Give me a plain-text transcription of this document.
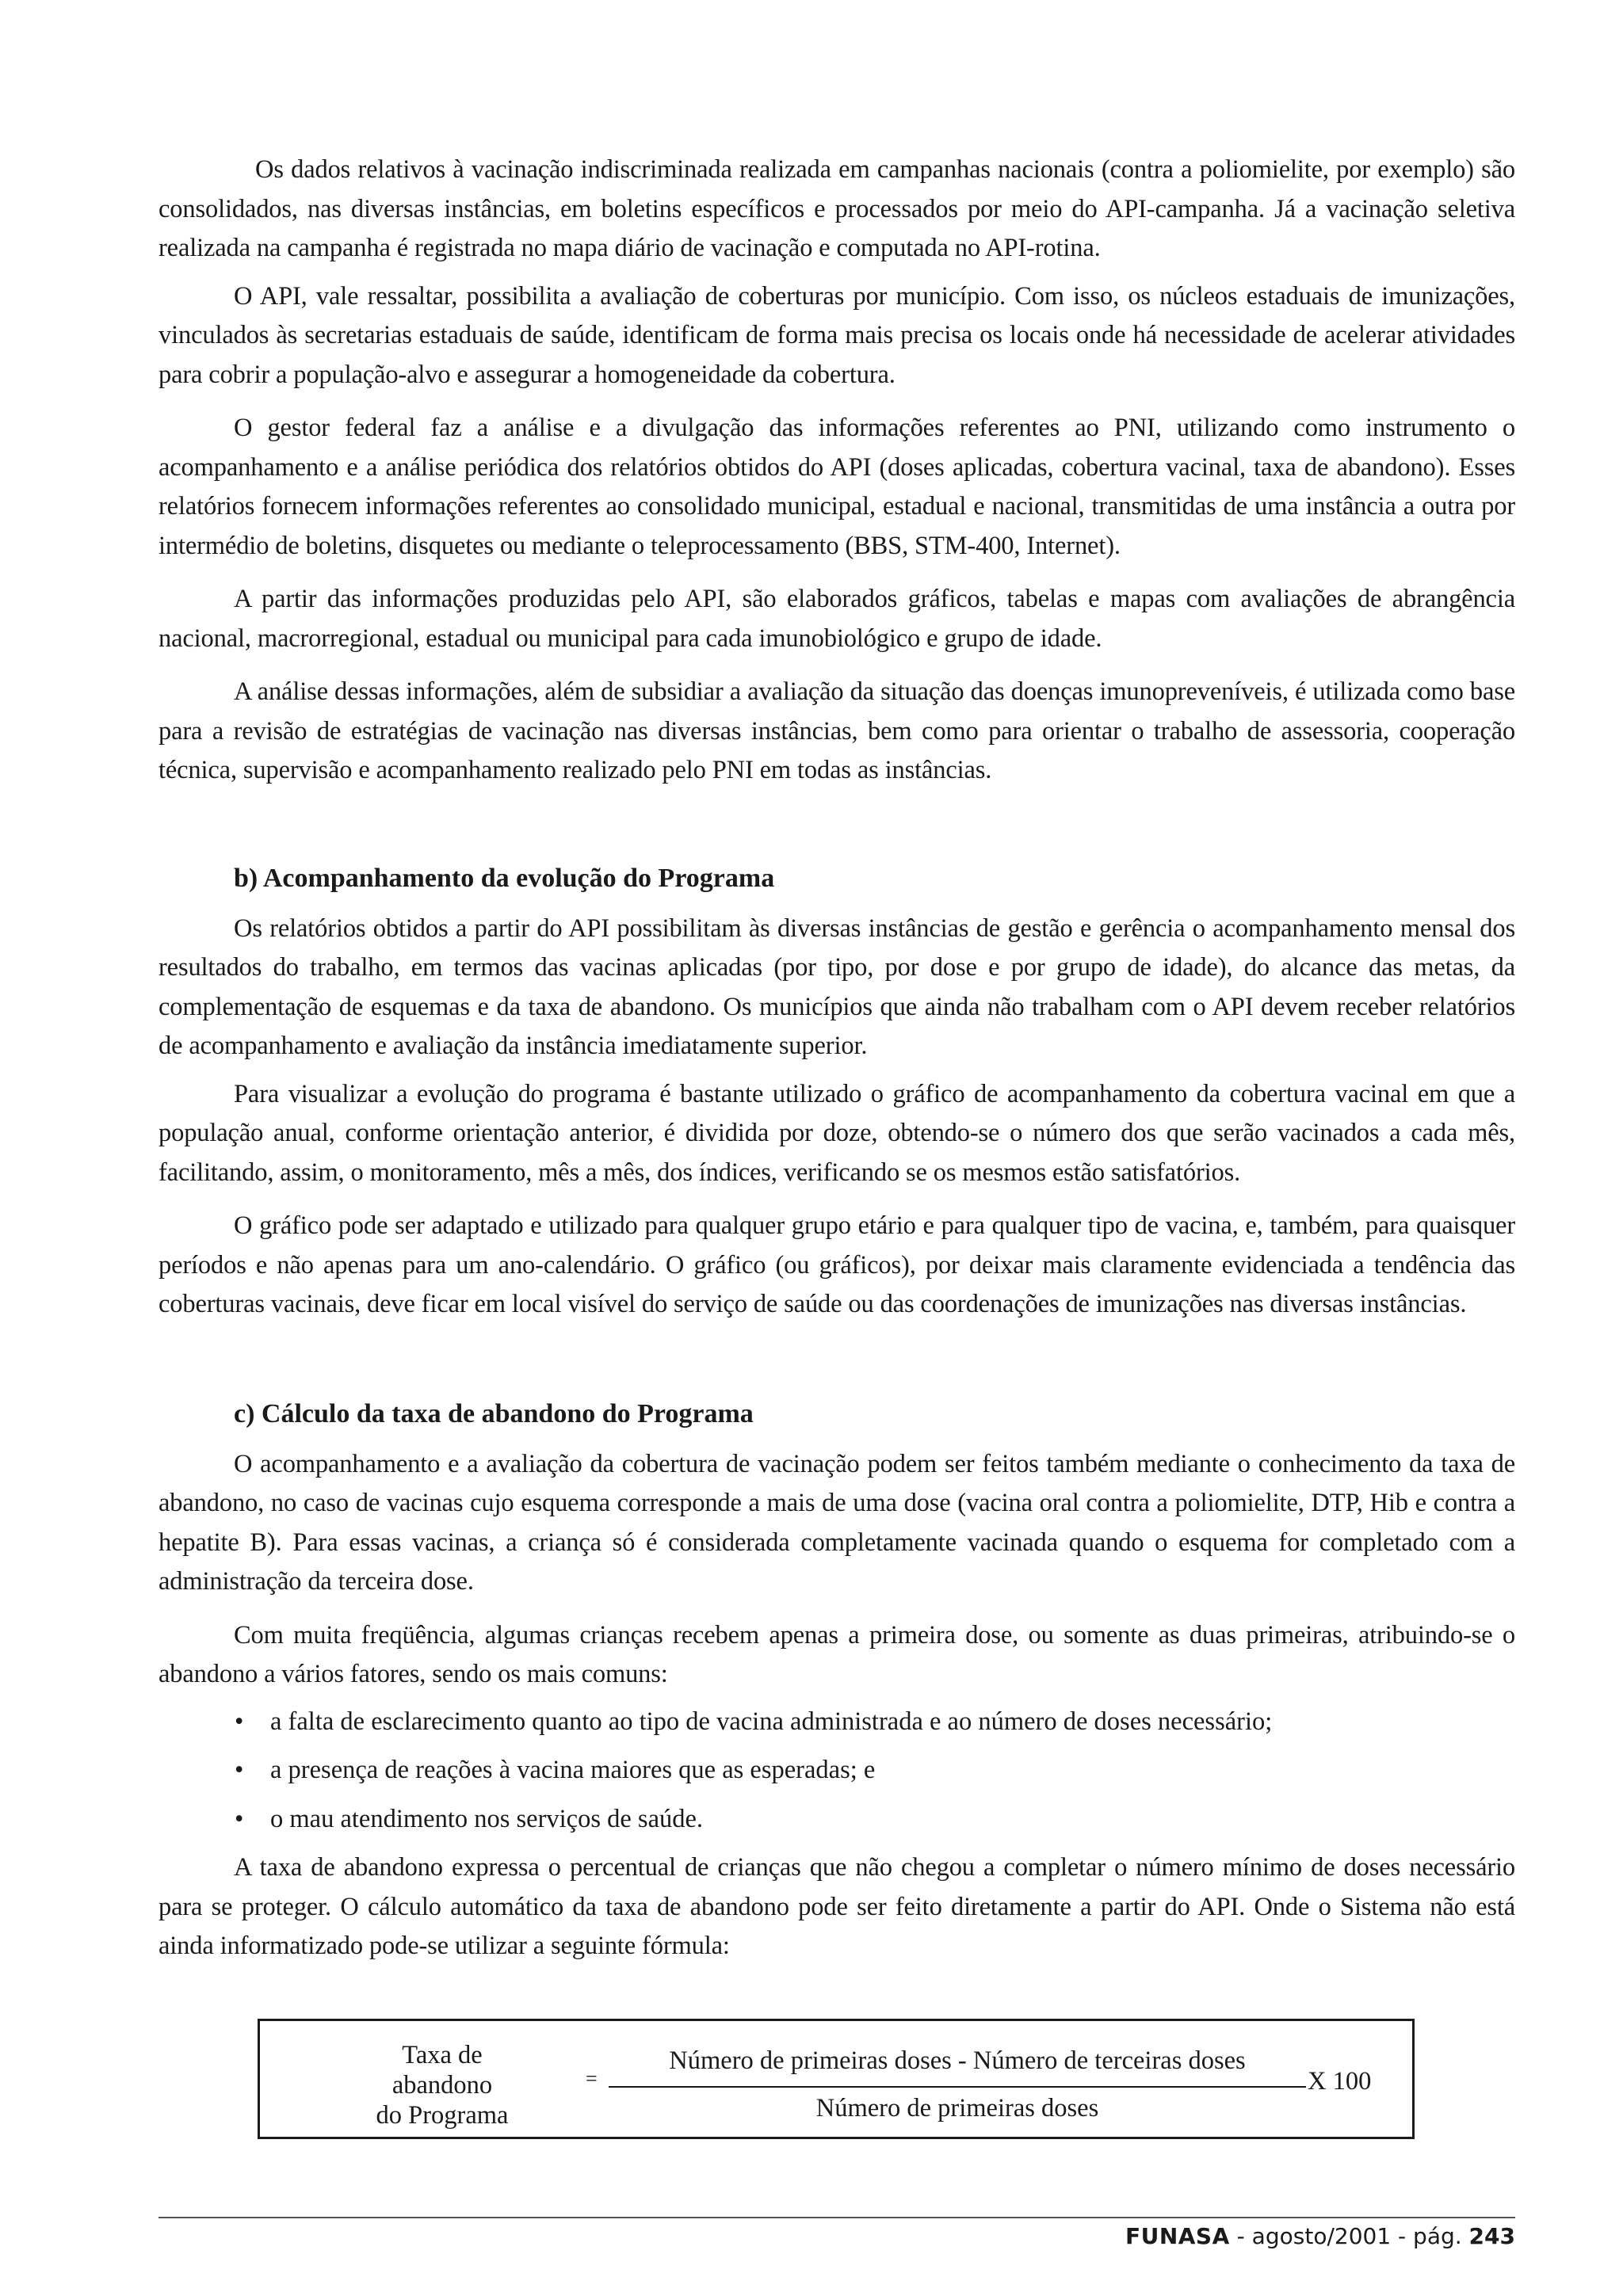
Os dados relativos à vacinação indiscriminada realizada em campanhas nacionais (contra a poliomielite, por exemplo) são consolidados, nas diversas instâncias, em boletins específicos e processados por meio do API-campanha. Já a vacinação seletiva realizada na campanha é registrada no mapa diário de vacinação e computada no API-rotina.

O API, vale ressaltar, possibilita a avaliação de coberturas por município. Com isso, os núcleos estaduais de imunizações, vinculados às secretarias estaduais de saúde, identificam de forma mais precisa os locais onde há necessidade de acelerar atividades para cobrir a população-alvo e assegurar a homogeneidade da cobertura.

O gestor federal faz a análise e a divulgação das informações referentes ao PNI, utilizando como instrumento o acompanhamento e a análise periódica dos relatórios obtidos do API (doses aplicadas, cobertura vacinal, taxa de abandono). Esses relatórios fornecem informações referentes ao consolidado municipal, estadual e nacional, transmitidas de uma instância a outra por intermédio de boletins, disquetes ou mediante o teleprocessamento (BBS, STM-400, Internet).

A partir das informações produzidas pelo API, são elaborados gráficos, tabelas e mapas com avaliações de abrangência nacional, macrorregional, estadual ou municipal para cada imunobiológico e grupo de idade.

A análise dessas informações, além de subsidiar a avaliação da situação das doenças imunopreveníveis, é utilizada como base para a revisão de estratégias de vacinação nas diversas instâncias, bem como para orientar o trabalho de assessoria, cooperação técnica, supervisão e acompanhamento realizado pelo PNI em todas as instâncias.

b) Acompanhamento da evolução do Programa

Os relatórios obtidos a partir do API possibilitam às diversas instâncias de gestão e gerência o acompanhamento mensal dos resultados do trabalho, em termos das vacinas aplicadas (por tipo, por dose e por grupo de idade), do alcance das metas, da complementação de esquemas e da taxa de abandono. Os municípios que ainda não trabalham com o API devem receber relatórios de acompanhamento e avaliação da instância imediatamente superior.

Para visualizar a evolução do programa é bastante utilizado o gráfico de acompanhamento da cobertura vacinal em que a população anual, conforme orientação anterior, é dividida por doze, obtendo-se o número dos que serão vacinados a cada mês, facilitando, assim, o monitoramento, mês a mês, dos índices, verificando se os mesmos estão satisfatórios.

O gráfico pode ser adaptado e utilizado para qualquer grupo etário e para qualquer tipo de vacina, e, também, para quaisquer períodos e não apenas para um ano-calendário. O gráfico (ou gráficos), por deixar mais claramente evidenciada a tendência das coberturas vacinais, deve ficar em local visível do serviço de saúde ou das coordenações de imunizações nas diversas instâncias.

c) Cálculo da taxa de abandono do Programa

O acompanhamento e a avaliação da cobertura de vacinação podem ser feitos também mediante o conhecimento da taxa de abandono, no caso de vacinas cujo esquema corresponde a mais de uma dose (vacina oral contra a poliomielite, DTP, Hib e contra a hepatite B). Para essas vacinas, a criança só é considerada completamente vacinada quando o esquema for completado com a administração da terceira dose.

Com muita freqüência, algumas crianças recebem apenas a primeira dose, ou somente as duas primeiras, atribuindo-se o abandono a vários fatores, sendo os mais comuns:

• a falta de esclarecimento quanto ao tipo de vacina administrada e ao número de doses necessário;
• a presença de reações à vacina maiores que as esperadas; e
• o mau atendimento nos serviços de saúde.

A taxa de abandono expressa o percentual de crianças que não chegou a completar o número mínimo de doses necessário para se proteger. O cálculo automático da taxa de abandono pode ser feito diretamente a partir do API. Onde o Sistema não está ainda informatizado pode-se utilizar a seguinte fórmula:

Taxa de abandono
do Programa
=
Número de primeiras doses - Número de terceiras doses
Número de primeiras doses
X 100
FUNASA - agosto/2001 - pág. 243
